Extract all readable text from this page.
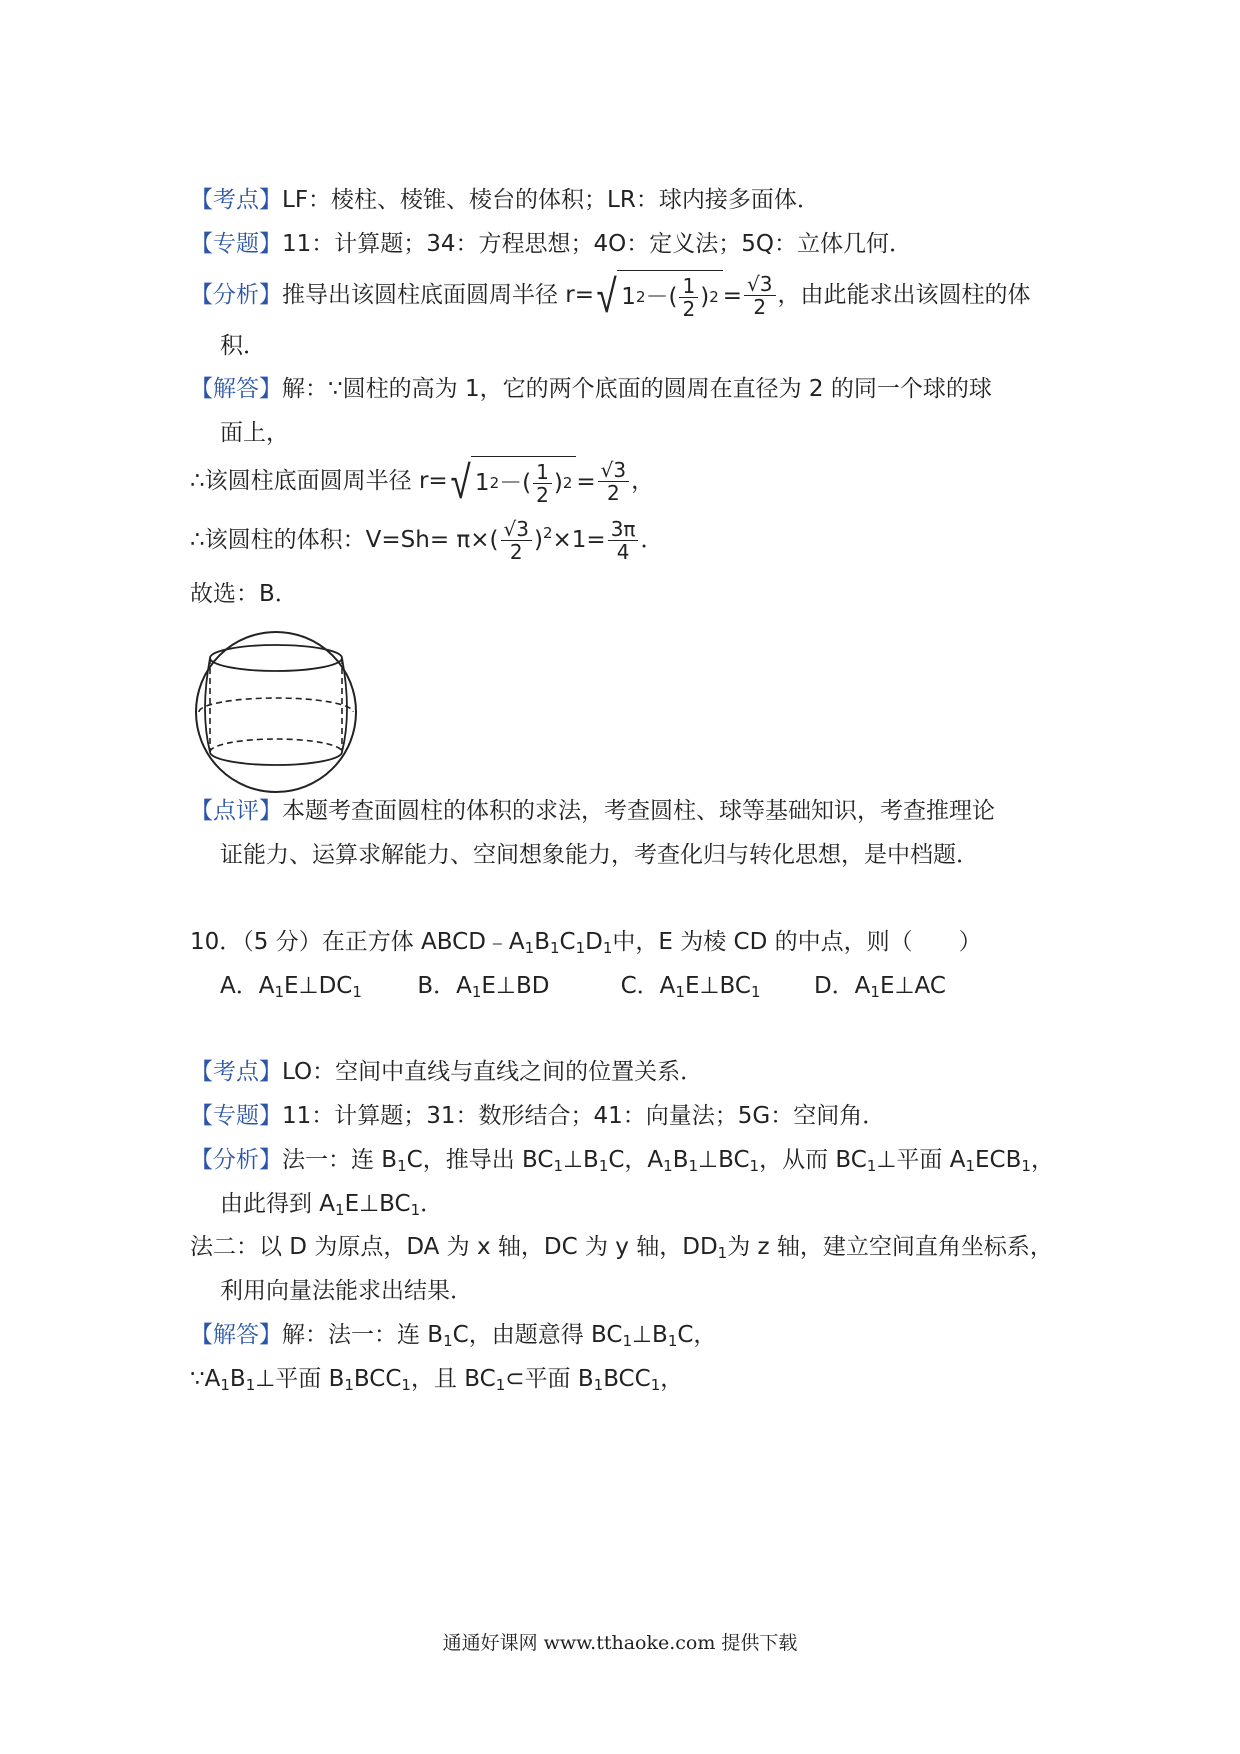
【考点】LF：棱柱、棱锥、棱台的体积；LR：球内接多面体．
【专题】11：计算题；34：方程思想；4O：定义法；5Q：立体几何．
【分析】推导出该圆柱底面圆周半径 r= √ 1 2 －( $\frac{1}{2}$ ) $2 = \frac{√3}{2}$ ，由此能求出该圆柱的体
积．
【解答】解：∵圆柱的高为 1，它的两个底面的圆周在直径为 2 的同一个球的球
面上，
∴该圆柱底面圆周半径 r= √ 1 2 －( $\frac{1}{2}$ ) $2 = \frac{√3}{2}$ ，
∴该圆柱的体积：$V=Sh= \pi\times( \frac{√3}{2} )^2\times 1= \frac{3\pi}{4}$ ．
故选：B．
【点评】本题考查面圆柱的体积的求法，考查圆柱、球等基础知识，考查推理论
证能力、运算求解能力、空间想象能力，考查化归与转化思想，是中档题．
10．（5 分）在正方体 $ABCD﹣A_1B_1C_1D_1$中，E 为棱 CD 的中点，则（　　）
A．$A_1E\perp DC_1$ B．$A_1E\perp BD$	C．$A_1E\perp BC_1$ D．$A_1E\perp AC$
【考点】LO：空间中直线与直线之间的位置关系．
【专题】11：计算题；31：数形结合；41：向量法；5G：空间角．
【分析】法一：连 $B_1C$，推导出 $BC_1\perp B_1C$，$A_1B_1\perp BC_1$，从而 $BC_1\perp$平面 $A_1ECB_1$，
由此得到 $A_1E\perp BC_1$．
法二：以 D 为原点，DA 为 x 轴，DC 为 y 轴，$DD_1$为 z 轴，建立空间直角坐标系，
利用向量法能求出结果．
【解答】解：法一：连 $B_1C$，由题意得 $BC_1\perp B_1C$，
$\because A_1B_1\perp$平面 $B_1BCC_1$，且 $BC_1\subset$平面 $B_1BCC_1$，
通通好课网 www.tthaoke.com 提供下载
